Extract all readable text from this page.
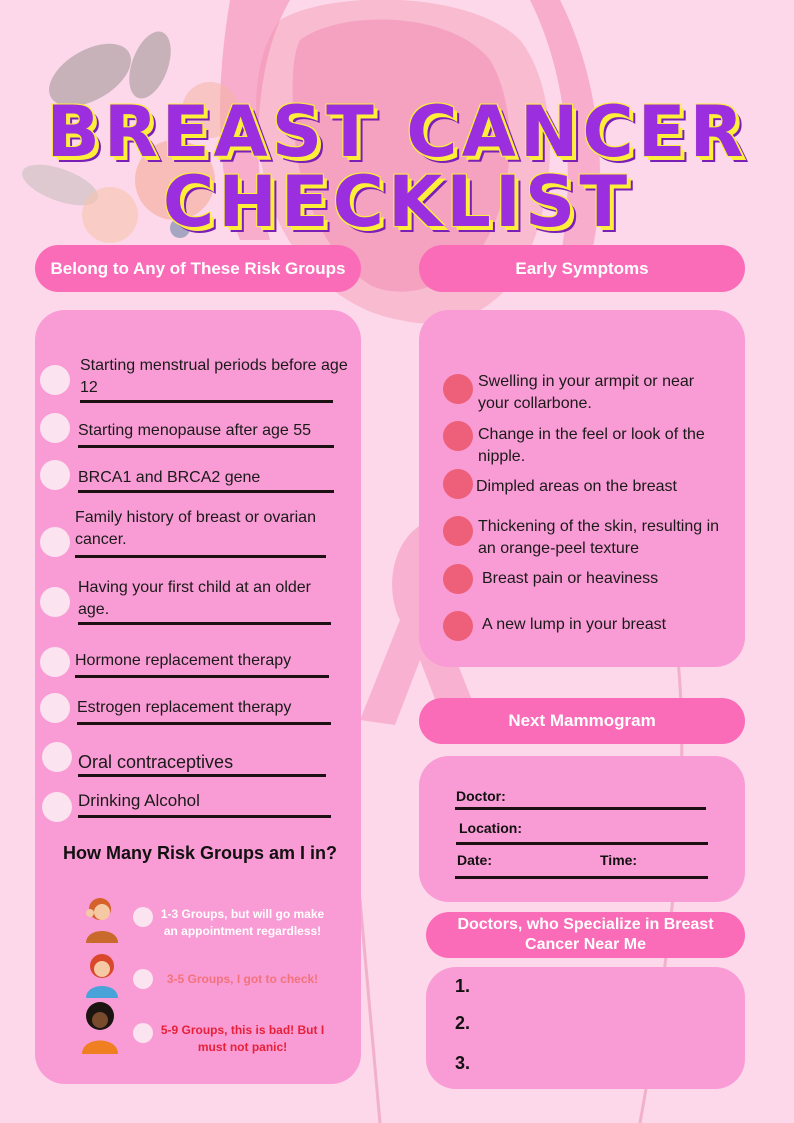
BREAST CANCER
CHECKLIST
Belong to Any of These Risk Groups
Starting menstrual periods before age 12
Starting menopause after age 55
BRCA1 and BRCA2 gene
Family history of breast or ovarian cancer.
Having your first child at an older age.
Hormone replacement therapy
Estrogen replacement therapy
Oral contraceptives
Drinking Alcohol
How Many Risk Groups am I in?
1-3 Groups, but will go make an appointment regardless!
3-5 Groups, I got to check!
5-9 Groups, this is bad! But I must not panic!
Early Symptoms
Swelling in your armpit or near your collarbone.
Change in the feel or look of the nipple.
Dimpled areas on the breast
Thickening of the skin, resulting in an orange-peel texture
Breast pain or heaviness
A new lump in your breast
Next Mammogram
Doctor:
Location:
Date:	Time:
Doctors, who Specialize in Breast Cancer Near Me
1.
2.
3.
